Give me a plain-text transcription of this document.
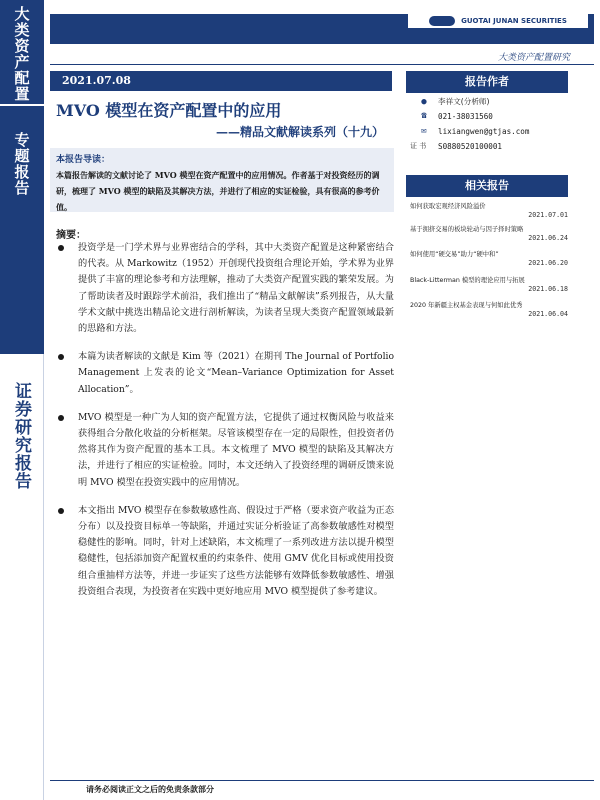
大类资产配置
专题报告
证券研究报告
GUOTAI JUNAN SECURITIES
大类资产配置研究
2021.07.08
MVO 模型在资产配置中的应用
——精品文献解读系列（十九）
本报告导读：
本篇报告解读的文献讨论了 MVO 模型在资产配置中的应用情况。作者基于对投资经历的调研，梳理了 MVO 模型的缺陷及其解决方法，并进行了相应的实证检验，具有很高的参考价值。
摘要：
投资学是一门学术界与业界密结合的学科，其中大类资产配置是这种紧密结合的代表。从 Markowitz（1952）开创现代投资组合理论开始，学术界为业界提供了丰富的理论参考和方法理解，推动了大类资产配置实践的繁荣发展。为了帮助读者及时跟踪学术前沿，我们推出了“精品文献解读”系列报告，从大量学术文献中挑选出精品论文进行剖析解读，为读者呈现大类资产配置领域最新的思路和方法。
本篇为读者解读的文献是 Kim 等（2021）在期刊 The Journal of Portfolio Management 上发表的论文“Mean–Variance Optimization for Asset Allocation”。
MVO 模型是一种广为人知的资产配置方法，它提供了通过权衡风险与收益来获得组合分散化收益的分析框架。尽管该模型存在一定的局限性，但投资者仍然将其作为资产配置的基本工具。本文梳理了 MVO 模型的缺陷及其解决方法，并进行了相应的实证检验。同时，本文还纳入了投资经理的调研反馈来说明 MVO 模型在投资实践中的应用情况。
本文指出 MVO 模型存在参数敏感性高、假设过于严格（要求资产收益为正态分布）以及投资目标单一等缺陷，并通过实证分析验证了高参数敏感性对模型稳健性的影响。同时，针对上述缺陷，本文梳理了一系列改进方法以提升模型稳健性，包括添加资产配置权重的约束条件、使用 GMV 优化目标或使用投资组合重抽样方法等，并进一步证实了这些方法能够有效降低参数敏感性、增强投资组合表现，为投资者在实践中更好地应用 MVO 模型提供了参考建议。
报告作者
●	李祥文(分析师)
☎	021-38031560
✉	lixiangwen@gtjas.com
证 书	S0880520100001
相关报告
如何获取宏观经济风险溢价
2021.07.01
基于拥挤交易的板块轮动与因子择时策略
2021.06.24
如何使用“硬交易”助力“硬中和”
2021.06.20
Black-Litterman 模型的理论应用与拓展
2021.06.18
2020 年新疆主权基金表现与何如此优秀
2021.06.04
请务必阅读正文之后的免责条款部分
